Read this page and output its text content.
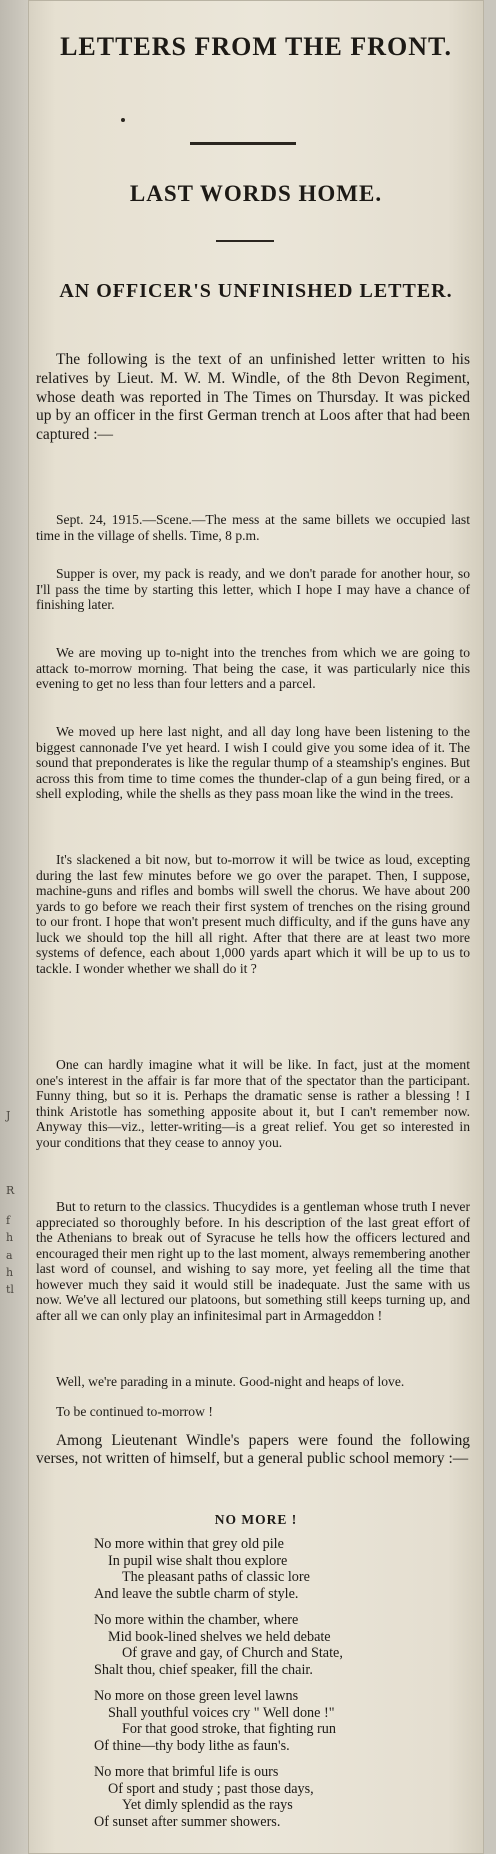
J
R
f
h
a
h
tl
LETTERS FROM THE FRONT.
LAST WORDS HOME.
AN OFFICER'S UNFINISHED LETTER.
The following is the text of an unfinished letter written to his relatives by Lieut. M. W. M. Windle, of the 8th Devon Regiment, whose death was reported in The Times on Thursday. It was picked up by an officer in the first German trench at Loos after that had been captured :—
Sept. 24, 1915.—Scene.—The mess at the same billets we occupied last time in the village of shells. Time, 8 p.m.
Supper is over, my pack is ready, and we don't parade for another hour, so I'll pass the time by starting this letter, which I hope I may have a chance of finishing later.
We are moving up to-night into the trenches from which we are going to attack to-morrow morning. That being the case, it was particularly nice this evening to get no less than four letters and a parcel.
We moved up here last night, and all day long have been listening to the biggest cannonade I've yet heard. I wish I could give you some idea of it. The sound that preponderates is like the regular thump of a steamship's engines. But across this from time to time comes the thunder-clap of a gun being fired, or a shell exploding, while the shells as they pass moan like the wind in the trees.
It's slackened a bit now, but to-morrow it will be twice as loud, excepting during the last few minutes before we go over the parapet. Then, I suppose, machine-guns and rifles and bombs will swell the chorus. We have about 200 yards to go before we reach their first system of trenches on the rising ground to our front. I hope that won't present much difficulty, and if the guns have any luck we should top the hill all right. After that there are at least two more systems of defence, each about 1,000 yards apart which it will be up to us to tackle. I wonder whether we shall do it ?
One can hardly imagine what it will be like. In fact, just at the moment one's interest in the affair is far more that of the spectator than the participant. Funny thing, but so it is. Perhaps the dramatic sense is rather a blessing ! I think Aristotle has something apposite about it, but I can't remember now. Anyway this—viz., letter-writing—is a great relief. You get so interested in your conditions that they cease to annoy you.
But to return to the classics. Thucydides is a gentleman whose truth I never appreciated so thoroughly before. In his description of the last great effort of the Athenians to break out of Syracuse he tells how the officers lectured and encouraged their men right up to the last moment, always remembering another last word of counsel, and wishing to say more, yet feeling all the time that however much they said it would still be inadequate. Just the same with us now. We've all lectured our platoons, but something still keeps turning up, and after all we can only play an infinitesimal part in Armageddon !
Well, we're parading in a minute. Good-night and heaps of love.
To be continued to-morrow !
Among Lieutenant Windle's papers were found the following verses, not written of himself, but a general public school memory :—
NO MORE !
No more within that grey old pile
In pupil wise shalt thou explore
The pleasant paths of classic lore
And leave the subtle charm of style.
No more within the chamber, where
Mid book-lined shelves we held debate
Of grave and gay, of Church and State,
Shalt thou, chief speaker, fill the chair.
No more on those green level lawns
Shall youthful voices cry " Well done !"
For that good stroke, that fighting run
Of thine—thy body lithe as faun's.
No more that brimful life is ours
Of sport and study ; past those days,
Yet dimly splendid as the rays
Of sunset after summer showers.
